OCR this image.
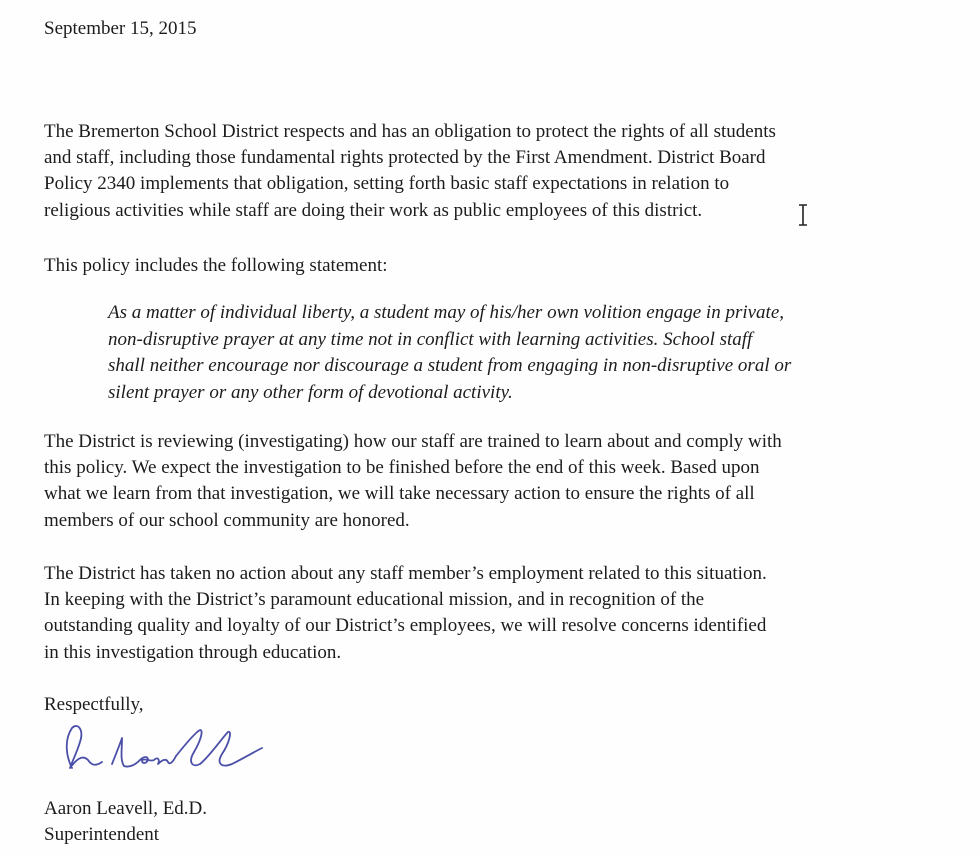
September 15, 2015

The Bremerton School District respects and has an obligation to protect the rights of all students
and staff, including those fundamental rights protected by the First Amendment. District Board
Policy 2340 implements that obligation, setting forth basic staff expectations in relation to
religious activities while staff are doing their work as public employees of this district.

This policy includes the following statement:

As a matter of individual liberty, a student may of his/her own volition engage in private,
non-disruptive prayer at any time not in conflict with learning activities. School staff
shall neither encourage nor discourage a student from engaging in non-disruptive oral or
silent prayer or any other form of devotional activity.

The District is reviewing (investigating) how our staff are trained to learn about and comply with
this policy. We expect the investigation to be finished before the end of this week. Based upon
what we learn from that investigation, we will take necessary action to ensure the rights of all
members of our school community are honored.

The District has taken no action about any staff member’s employment related to this situation.
In keeping with the District’s paramount educational mission, and in recognition of the
outstanding quality and loyalty of our District’s employees, we will resolve concerns identified
in this investigation through education.

Respectfully,
Aaron Leavell, Ed.D.
Superintendent
